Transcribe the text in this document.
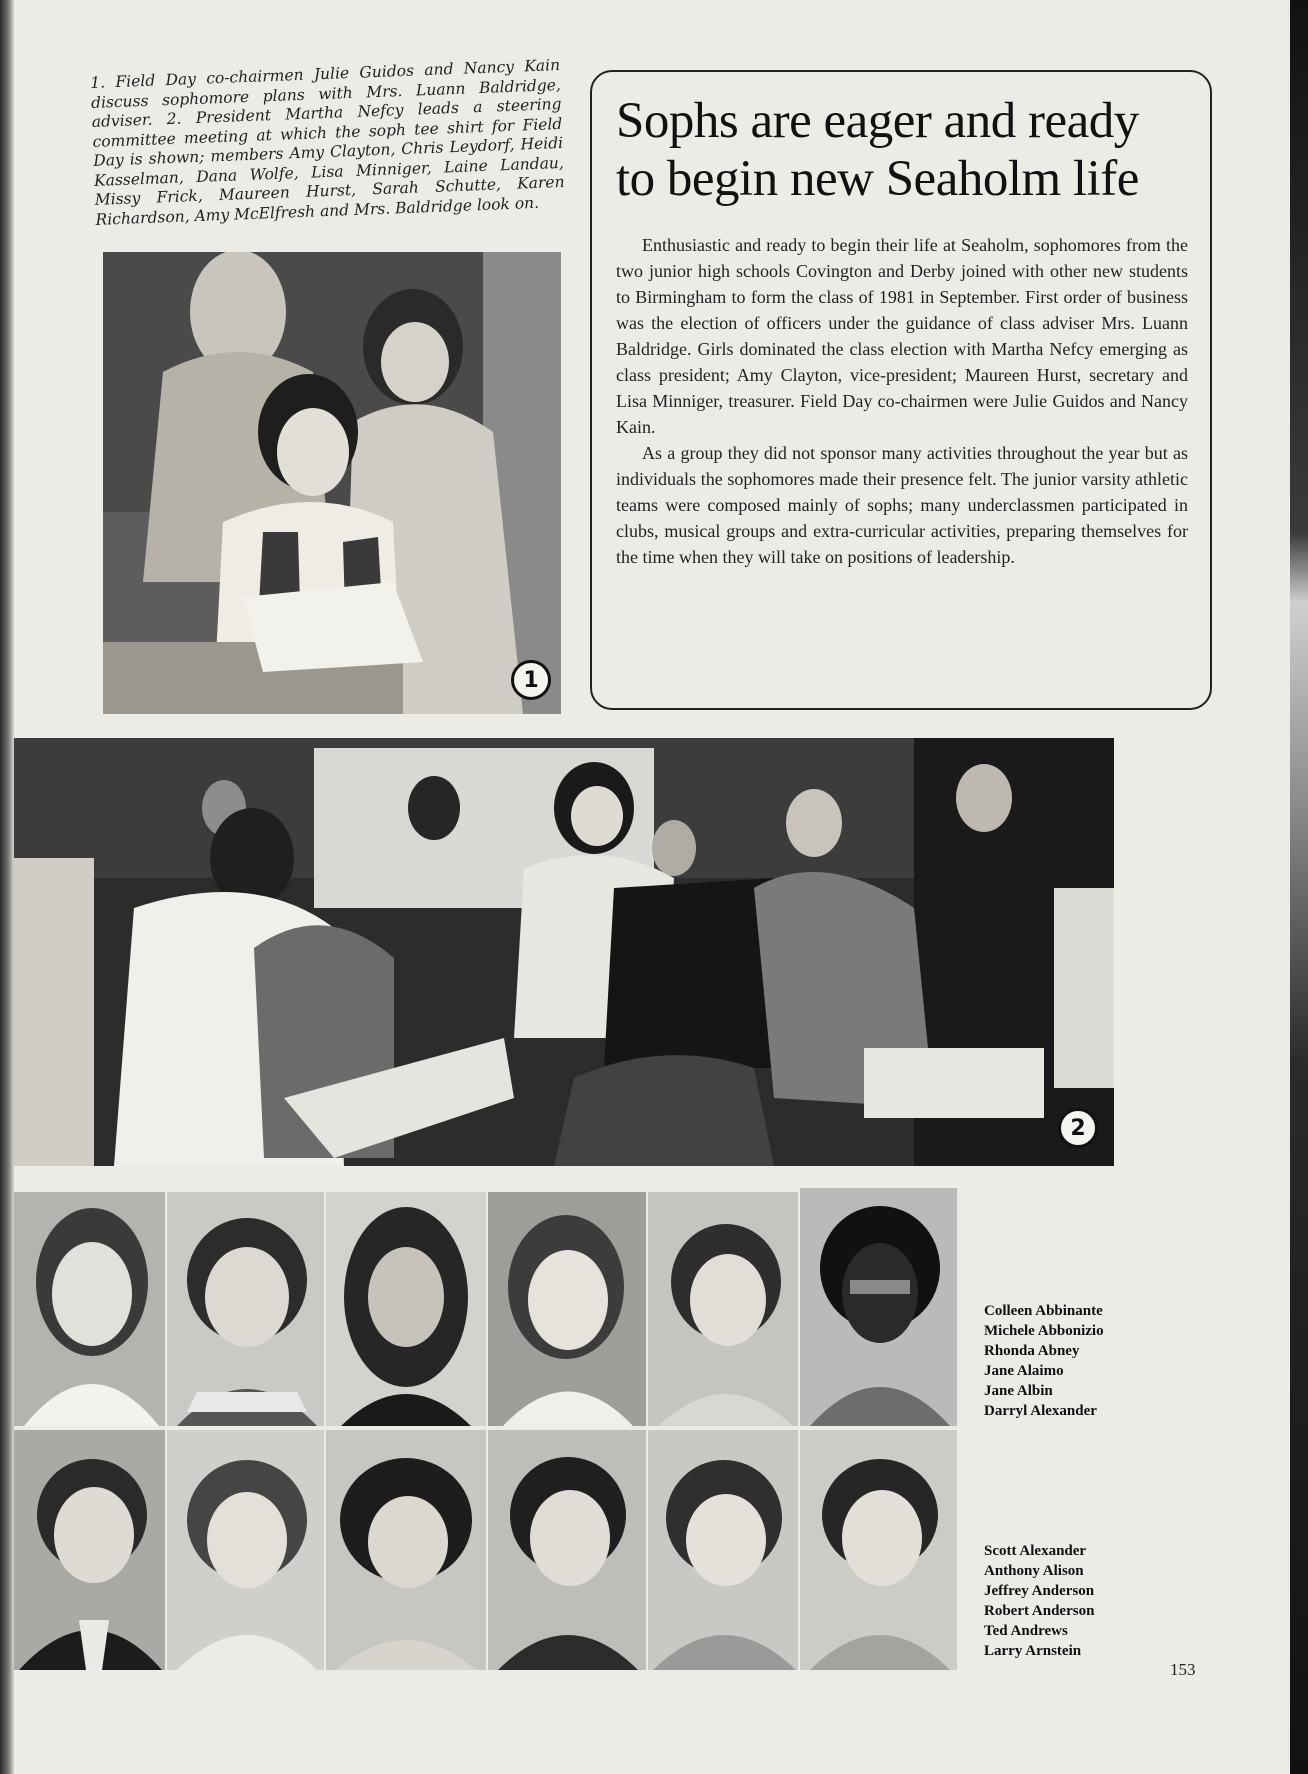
1. Field Day co-chairmen Julie Guidos and Nancy Kain discuss sophomore plans with Mrs. Luann Baldridge, adviser. 2. President Martha Nefcy leads a steering committee meeting at which the soph tee shirt for Field Day is shown; members Amy Clayton, Chris Leydorf, Heidi Kasselman, Dana Wolfe, Lisa Minniger, Laine Landau, Missy Frick, Maureen Hurst, Sarah Schutte, Karen Richardson, Amy McElfresh and Mrs. Baldridge look on.

1
Sophs are eager and ready
to begin new Seaholm life

Enthusiastic and ready to begin their life at Seaholm, sophomores from the two junior high schools Covington and Derby joined with other new students to Birmingham to form the class of 1981 in September. First order of business was the election of officers under the guidance of class adviser Mrs. Luann Baldridge. Girls dominated the class election with Martha Nefcy emerging as class president; Amy Clayton, vice-president; Maureen Hurst, secretary and Lisa Minniger, treasurer. Field Day co-chairmen were Julie Guidos and Nancy Kain.

As a group they did not sponsor many activities throughout the year but as individuals the sophomores made their presence felt. The junior varsity athletic teams were composed mainly of sophs; many underclassmen participated in clubs, musical groups and extra-curricular activities, preparing themselves for the time when they will take on positions of leadership.

2
Colleen Abbinante
Michele Abbonizio
Rhonda Abney
Jane Alaimo
Jane Albin
Darryl Alexander
Scott Alexander
Anthony Alison
Jeffrey Anderson
Robert Anderson
Ted Andrews
Larry Arnstein
153
